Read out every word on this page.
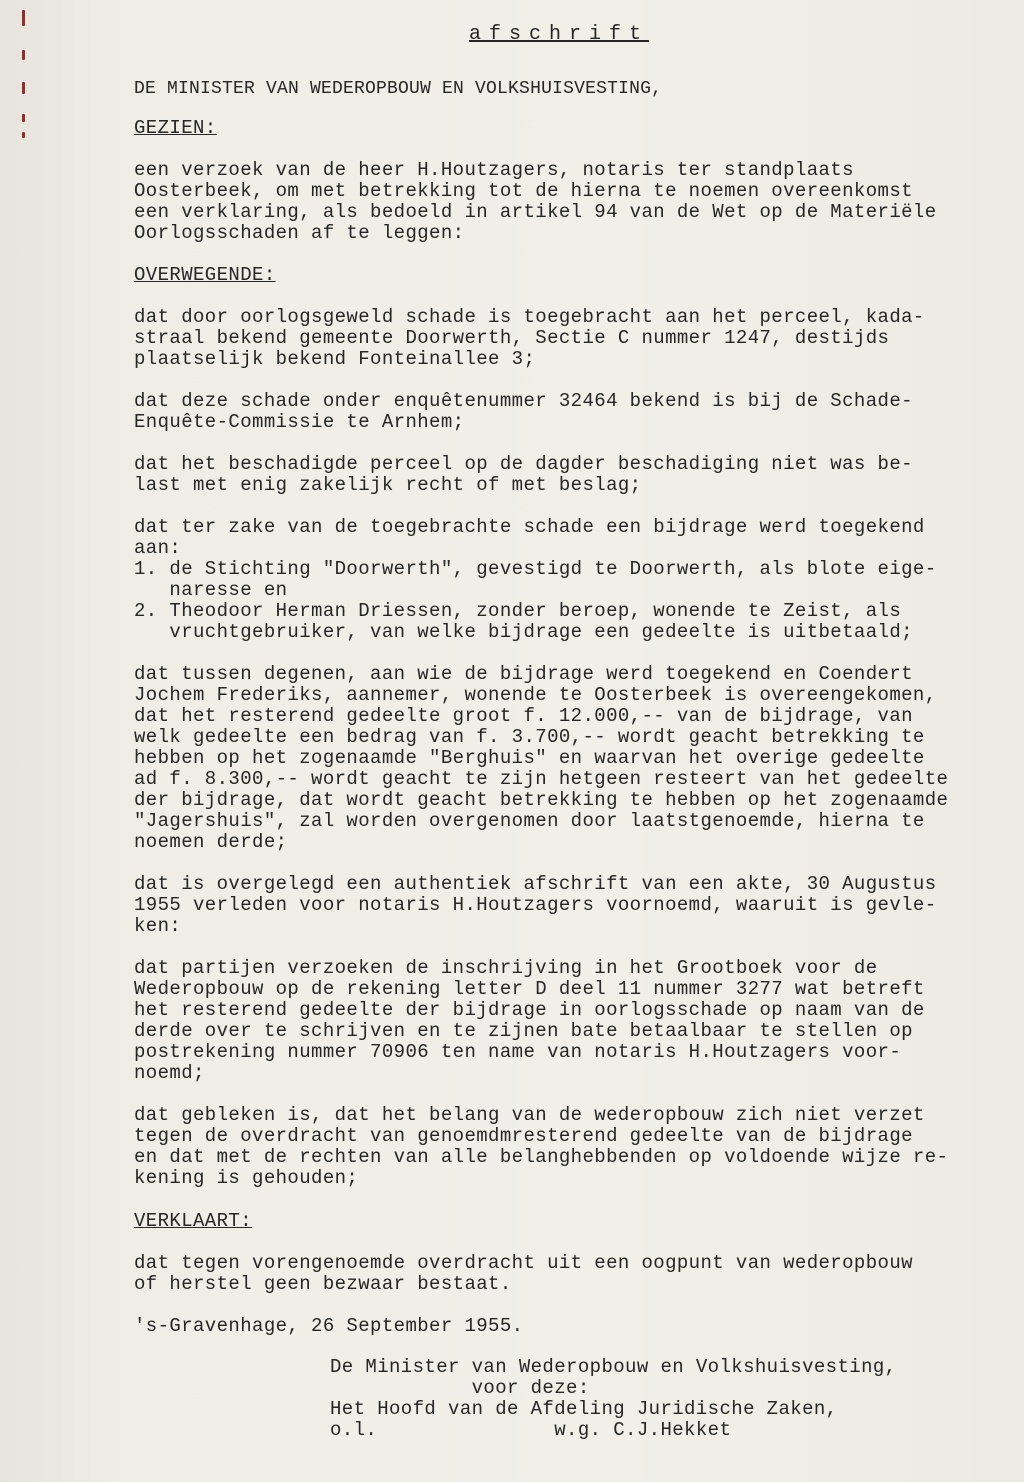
afschrift
DE MINISTER VAN WEDEROPBOUW EN VOLKSHUISVESTING,
GEZIEN:
een verzoek van de heer H.Houtzagers, notaris ter standplaats
Oosterbeek, om met betrekking tot de hierna te noemen overeenkomst
een verklaring, als bedoeld in artikel 94 van de Wet op de Materiële
Oorlogsschaden af te leggen:
OVERWEGENDE:
dat door oorlogsgeweld schade is toegebracht aan het perceel, kada-
straal bekend gemeente Doorwerth, Sectie C nummer 1247, destijds
plaatselijk bekend Fonteinallee 3;
dat deze schade onder enquêtenummer 32464 bekend is bij de Schade-
Enquête-Commissie te Arnhem;
dat het beschadigde perceel op de dagder beschadiging niet was be-
last met enig zakelijk recht of met beslag;
dat ter zake van de toegebrachte schade een bijdrage werd toegekend
aan:
1. de Stichting "Doorwerth", gevestigd te Doorwerth, als blote eige-
naresse en
2. Theodoor Herman Driessen, zonder beroep, wonende te Zeist, als
vruchtgebruiker, van welke bijdrage een gedeelte is uitbetaald;
dat tussen degenen, aan wie de bijdrage werd toegekend en Coendert
Jochem Frederiks, aannemer, wonende te Oosterbeek is overeengekomen,
dat het resterend gedeelte groot f. 12.000,-- van de bijdrage, van
welk gedeelte een bedrag van f. 3.700,-- wordt geacht betrekking te
hebben op het zogenaamde "Berghuis" en waarvan het overige gedeelte
ad f. 8.300,-- wordt geacht te zijn hetgeen resteert van het gedeelte
der bijdrage, dat wordt geacht betrekking te hebben op het zogenaamde
"Jagershuis", zal worden overgenomen door laatstgenoemde, hierna te
noemen derde;
dat is overgelegd een authentiek afschrift van een akte, 30 Augustus
1955 verleden voor notaris H.Houtzagers voornoemd, waaruit is gevle-
ken:
dat partijen verzoeken de inschrijving in het Grootboek voor de
Wederopbouw op de rekening letter D deel 11 nummer 3277 wat betreft
het resterend gedeelte der bijdrage in oorlogsschade op naam van de
derde over te schrijven en te zijnen bate betaalbaar te stellen op
postrekening nummer 70906 ten name van notaris H.Houtzagers voor-
noemd;
dat gebleken is, dat het belang van de wederopbouw zich niet verzet
tegen de overdracht van genoemdmresterend gedeelte van de bijdrage
en dat met de rechten van alle belanghebbenden op voldoende wijze re-
kening is gehouden;
VERKLAART:
dat tegen vorengenoemde overdracht uit een oogpunt van wederopbouw
of herstel geen bezwaar bestaat.
's-Gravenhage, 26 September 1955.
De Minister van Wederopbouw en Volkshuisvesting,
voor deze:
Het Hoofd van de Afdeling Juridische Zaken,
o.l.               w.g. C.J.Hekket
